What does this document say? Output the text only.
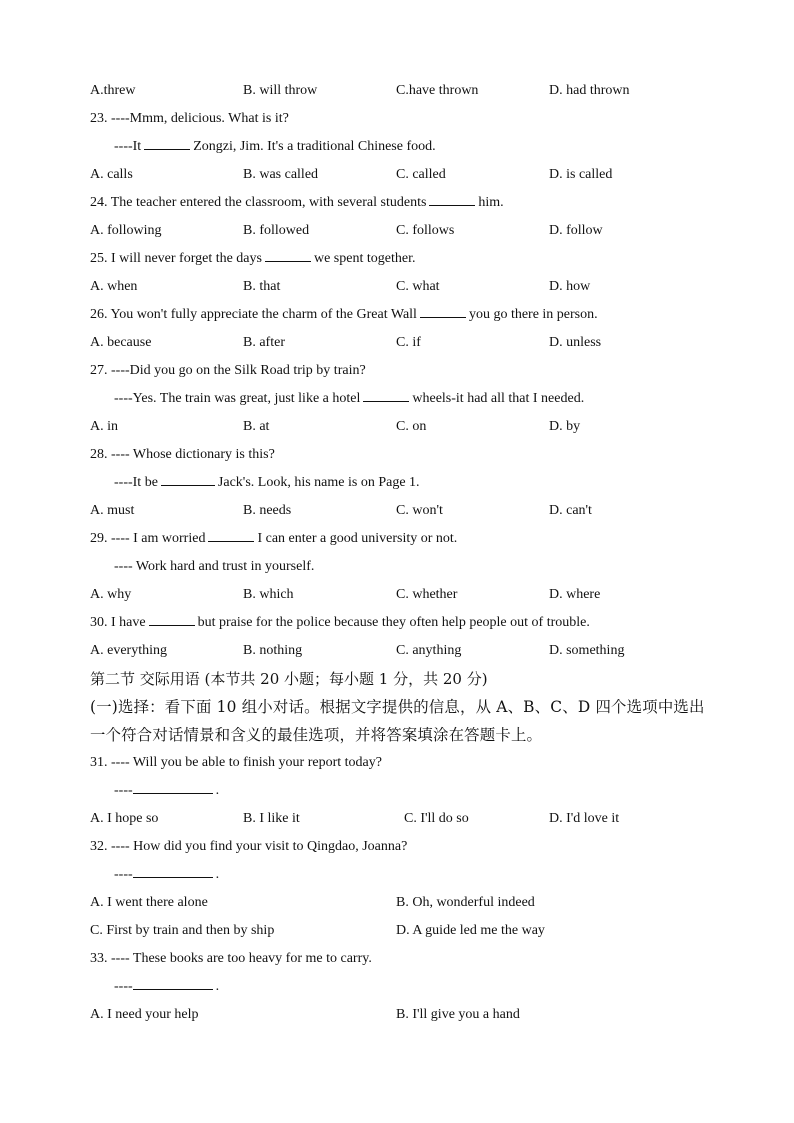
A.threw	B. will throw	C.have thrown	D. had thrown
23. ----Mmm, delicious. What is it?
----It	Zongzi, Jim. It's a traditional Chinese food.
A. calls	B. was called	C. called	D. is called
24. The teacher entered the classroom, with several students	him.
A. following	B. followed	C. follows	D. follow
25. I will never forget the days	we spent together.
A. when	B. that	C. what	D. how
26. You won't fully appreciate the charm of the Great Wall	you go there in person.
A. because	B. after	C. if	D. unless
27. ----Did you go on the Silk Road trip by train?
----Yes. The train was great, just like a hotel	wheels-it had all that I needed.
A. in	B. at	C. on	D. by
28. ---- Whose dictionary is this?
----It be	Jack's. Look, his name is on Page 1.
A. must	B. needs	C. won't	D. can't
29. ---- I am worried	I can enter a good university or not.
---- Work hard and trust in yourself.
A. why	B. which	C. whether	D. where
30. I have	but praise for the police because they often help people out of trouble.
A. everything	B. nothing	C. anything	D. something
第二节 交际用语 (本节共 20 小题；每小题 1 分，共 20 分)
(一)选择：看下面 10 组小对话。根据文字提供的信息，从 A、B、C、D 四个选项中选出
一个符合对话情景和含义的最佳选项，并将答案填涂在答题卡上。
31. ---- Will you be able to finish your report today?
----	.
A. I hope so	B. I like it	C. I'll do so	D. I'd love it
32. ---- How did you find your visit to Qingdao, Joanna?
----	.
A. I went there alone	B. Oh, wonderful indeed
C. First by train and then by ship	D. A guide led me the way
33. ---- These books are too heavy for me to carry.
----	.
A. I need your help	B. I'll give you a hand
